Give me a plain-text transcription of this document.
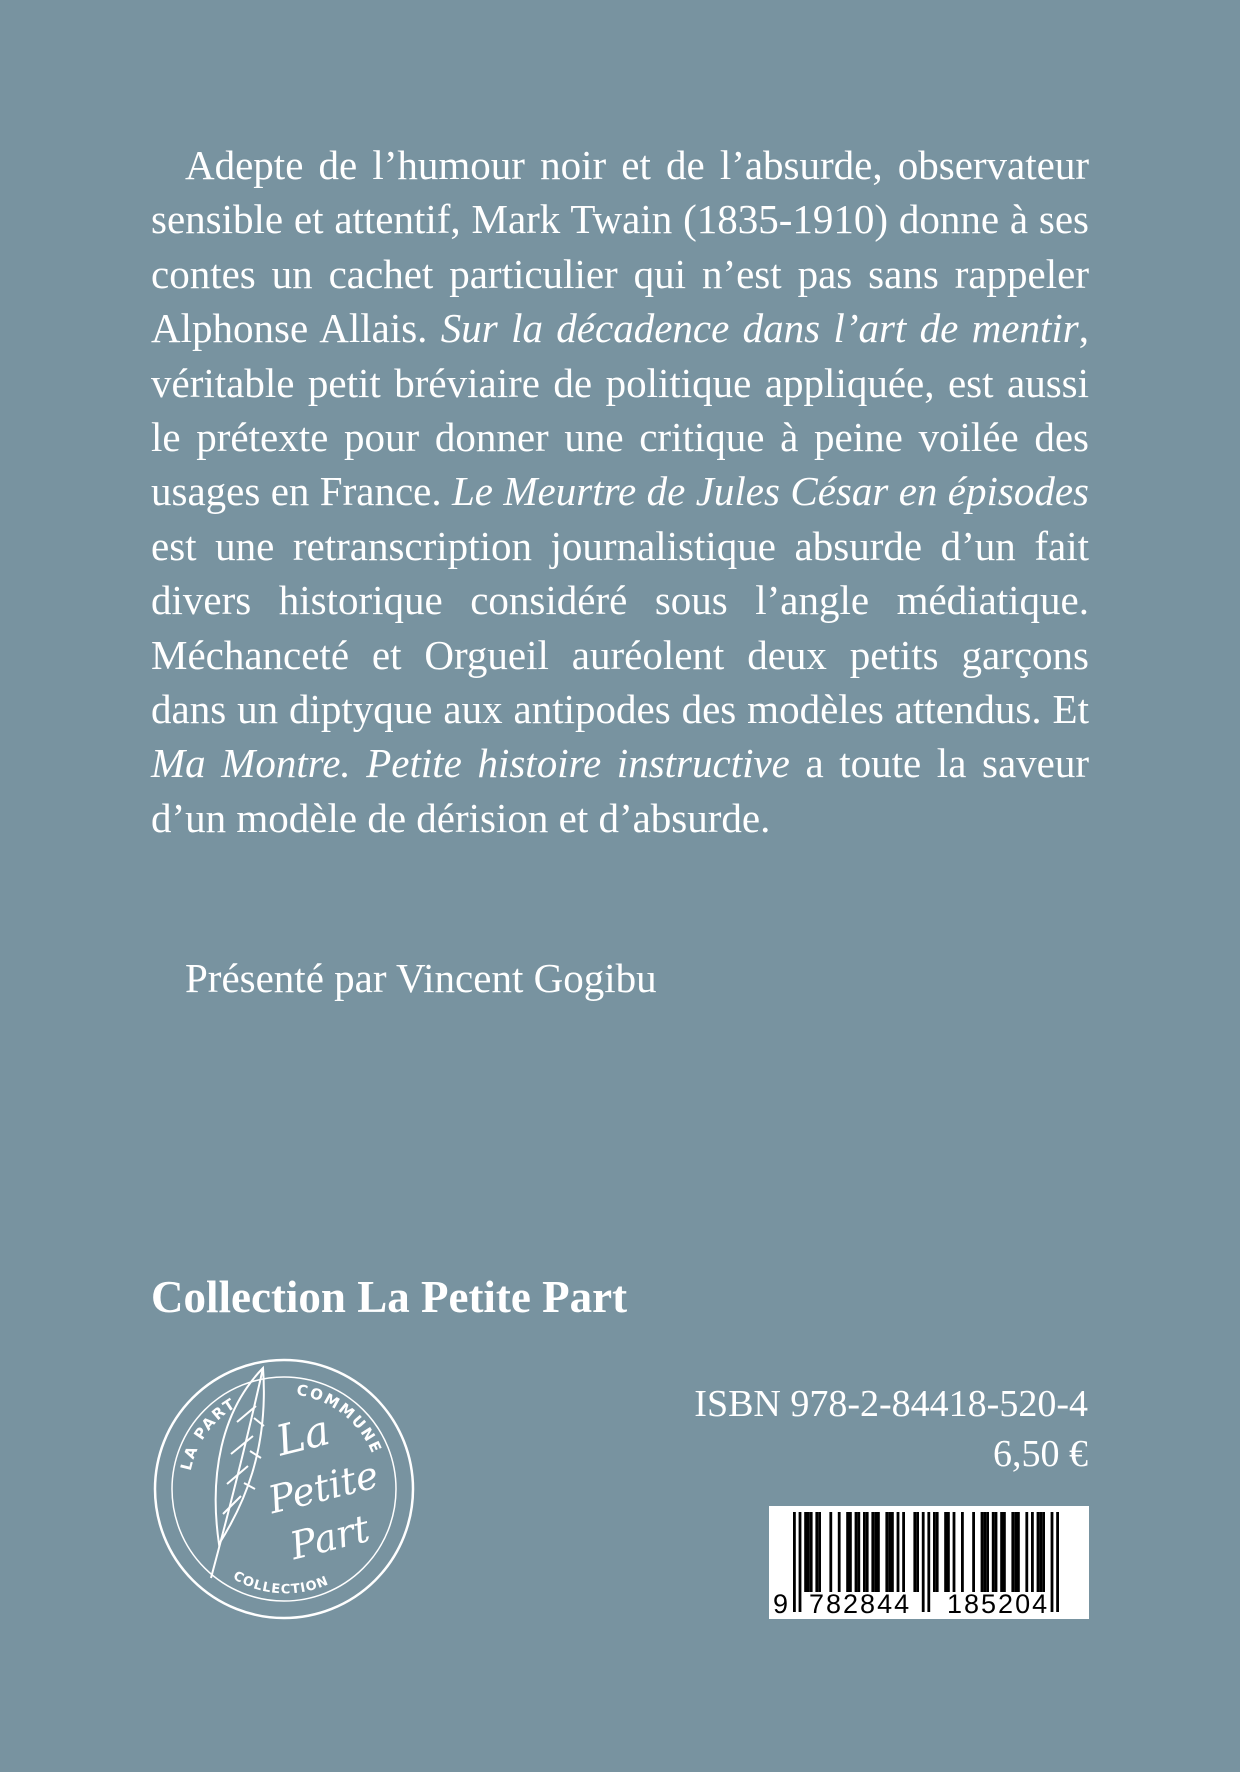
Adepte de l’humour noir et de l’absurde, observateur sensible et attentif, Mark Twain (1835-1910) donne à ses contes un cachet particulier qui n’est pas sans rappeler Alphonse Allais. Sur la décadence dans l’art de mentir, véritable petit bréviaire de politique appliquée, est aussi le prétexte pour donner une critique à peine voilée des usages en France. Le Meurtre de Jules César en épisodes est une retranscription journalistique absurde d’un fait divers historique considéré sous l’angle médiatique. Méchanceté et Orgueil auréolent deux petits garçons dans un diptyque aux antipodes des modèles attendus. Et Ma Montre. Petite histoire instructive a toute la saveur d’un modèle de dérision et d’absurde.

Présenté par Vincent Gogibu
Collection La Petite Part
LA PART
COMMUNE
COLLECTION
La
Petite
Part
ISBN 978-2-84418-520-4
6,50 €
9 782844 185204
